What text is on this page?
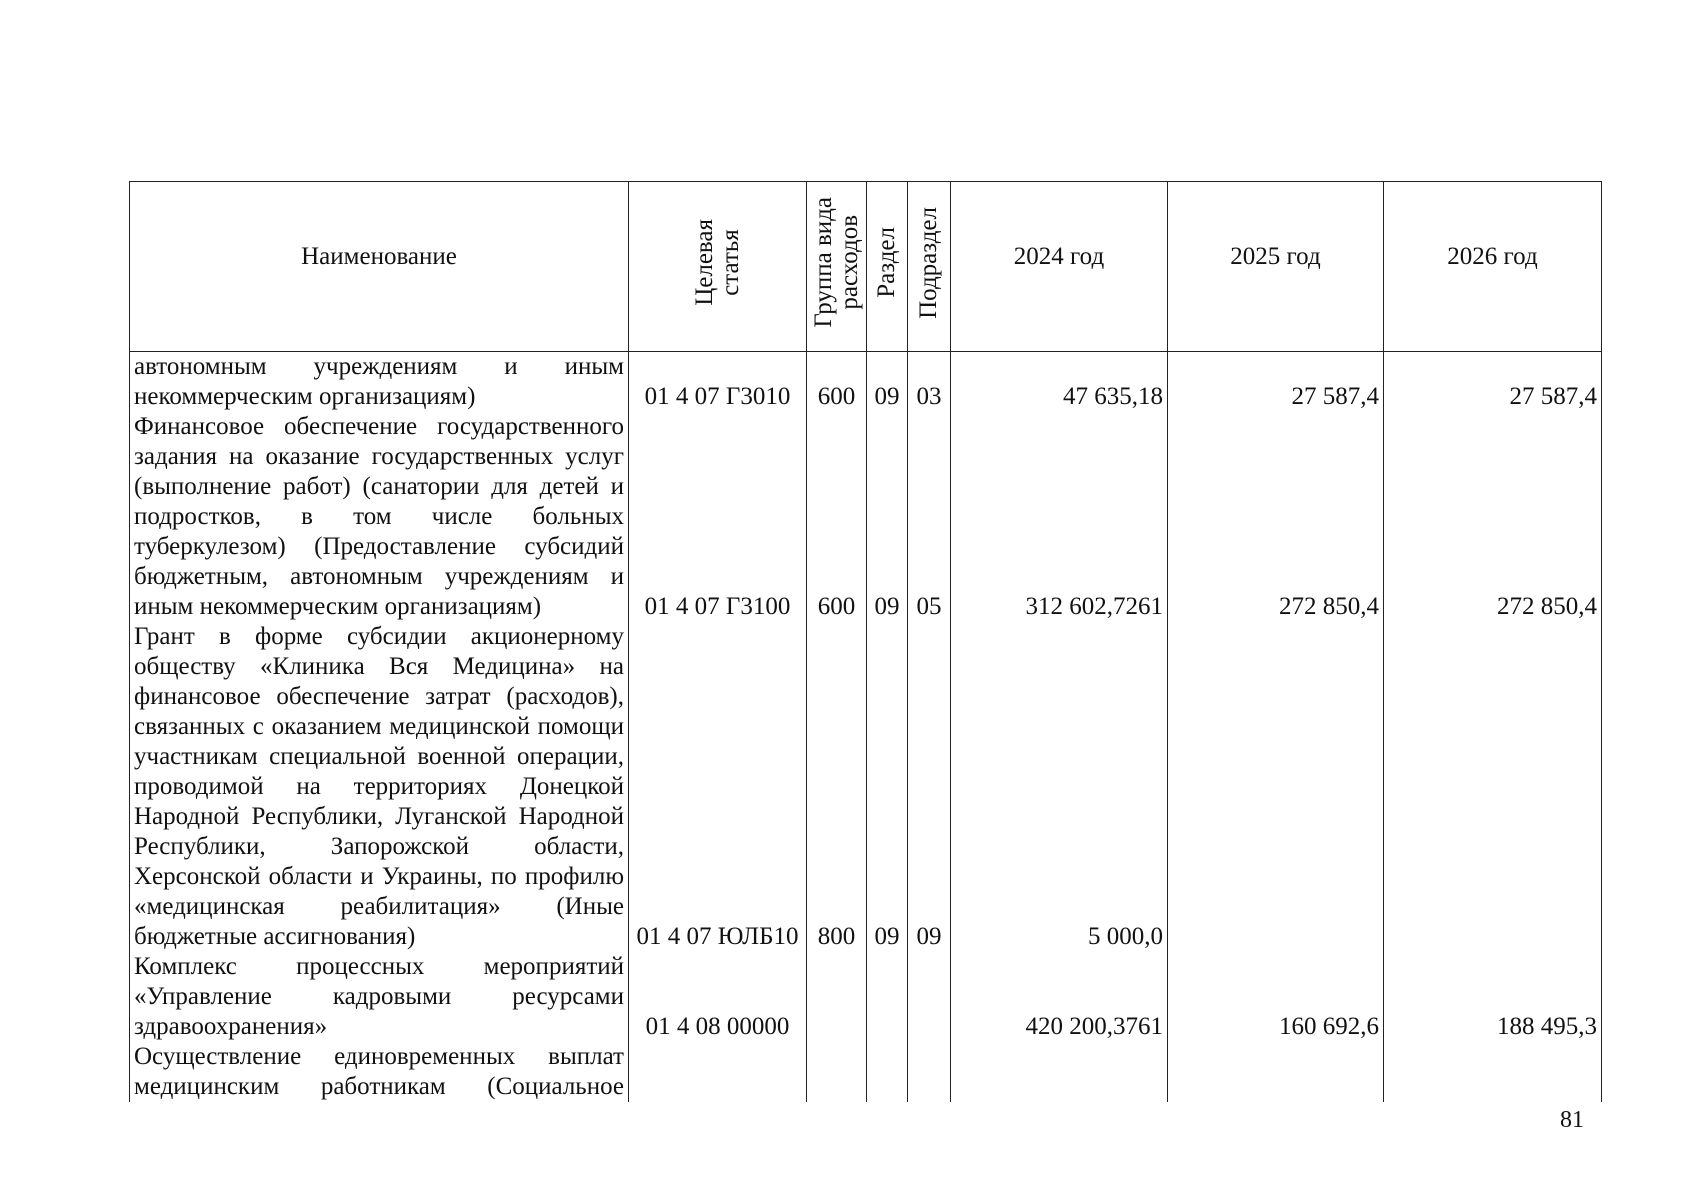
Наименование	Целевая статья	Группа вида расходов	Раздел	Подраздел	2024 год	2025 год	2026 год
автономным учреждениям и иным некоммерческим организациям)	01 4 07 Г3010	600	09	03	47 635,18	27 587,4	27 587,4
Финансовое обеспечение государственного задания на оказание государственных услуг (выполнение работ) (санатории для детей и подростков, в том числе больных туберкулезом) (Предоставление субсидий бюджетным, автономным учреждениям и иным некоммерческим организациям)	01 4 07 Г3100	600	09	05	312 602,7261	272 850,4	272 850,4
Грант в форме субсидии акционерному обществу «Клиника Вся Медицина» на финансовое обеспечение затрат (расходов), связанных с оказанием медицинской помощи участникам специальной военной операции, проводимой на территориях Донецкой Народной Республики, Луганской Народной Республики, Запорожской области, Херсонской области и Украины, по профилю «медицинская реабилитация» (Иные бюджетные ассигнования)	01 4 07 ЮЛБ10	800	09	09	5 000,0		
Комплекс процессных мероприятий «Управление кадровыми ресурсами здравоохранения»	01 4 08 00000				420 200,3761	160 692,6	188 495,3
Осуществление единовременных выплат медицинским работникам (Социальное							
81
